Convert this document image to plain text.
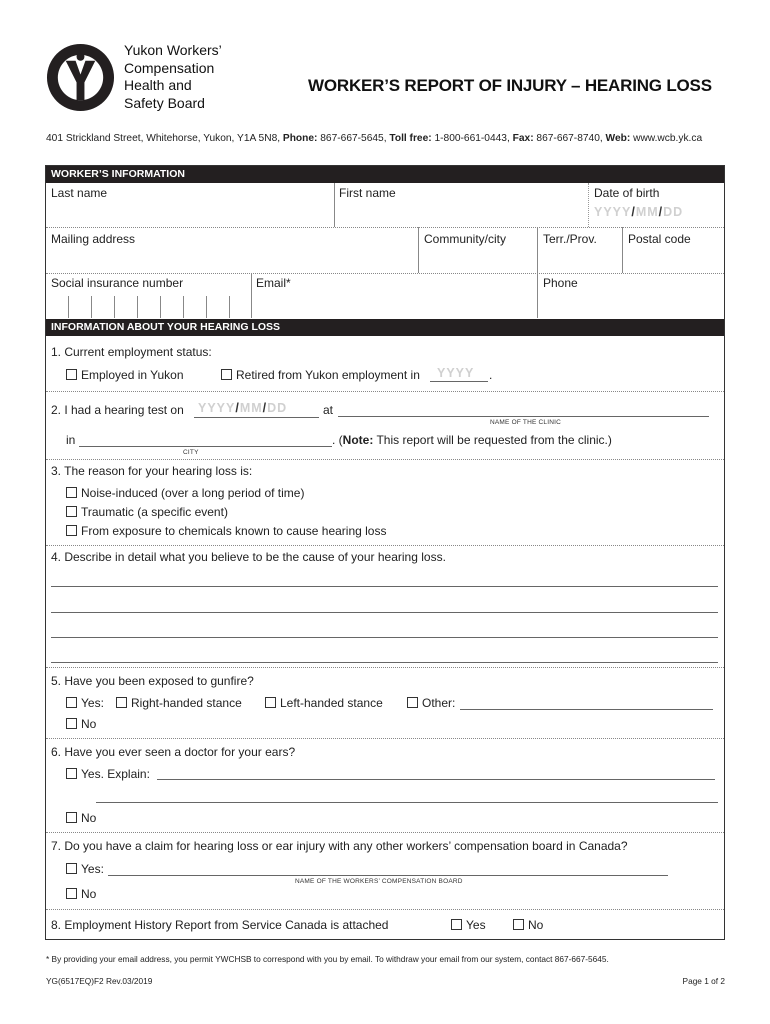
Yukon Workers’
Compensation
Health and
Safety Board
WORKER’S REPORT OF INJURY – HEARING LOSS
401 Strickland Street, Whitehorse, Yukon, Y1A 5N8, Phone: 867-667-5645, Toll free: 1-800-661-0443, Fax: 867-667-8740, Web: www.wcb.yk.ca
WORKER’S INFORMATION
Last name	First name	Date of birth
YYYY/MM/DD
Mailing address	Community/city	Terr./Prov.	Postal code
Social insurance number	Email*	Phone
INFORMATION ABOUT YOUR HEARING LOSS
1. Current employment status:
Employed in Yukon	Retired from Yukon employment in YYYY .
2. I had a hearing test on YYYY/MM/DD	at
NAME OF THE CLINIC
in
CITY
. (Note: This report will be requested from the clinic.)
3. The reason for your hearing loss is:
Noise-induced (over a long period of time)
Traumatic (a specific event)
From exposure to chemicals known to cause hearing loss
4. Describe in detail what you believe to be the cause of your hearing loss.
5. Have you been exposed to gunfire?
Yes:	Right-handed stance	Left-handed stance	Other:
No
6. Have you ever seen a doctor for your ears?
Yes. Explain:
No
7. Do you have a claim for hearing loss or ear injury with any other workers’ compensation board in Canada?
Yes:
NAME OF THE WORKERS’ COMPENSATION BOARD
No
8. Employment History Report from Service Canada is attached	Yes	No
* By providing your email address, you permit YWCHSB to correspond with you by email. To withdraw your email from our system, contact 867-667-5645.
YG(6517EQ)F2 Rev.03/2019	Page 1 of 2
